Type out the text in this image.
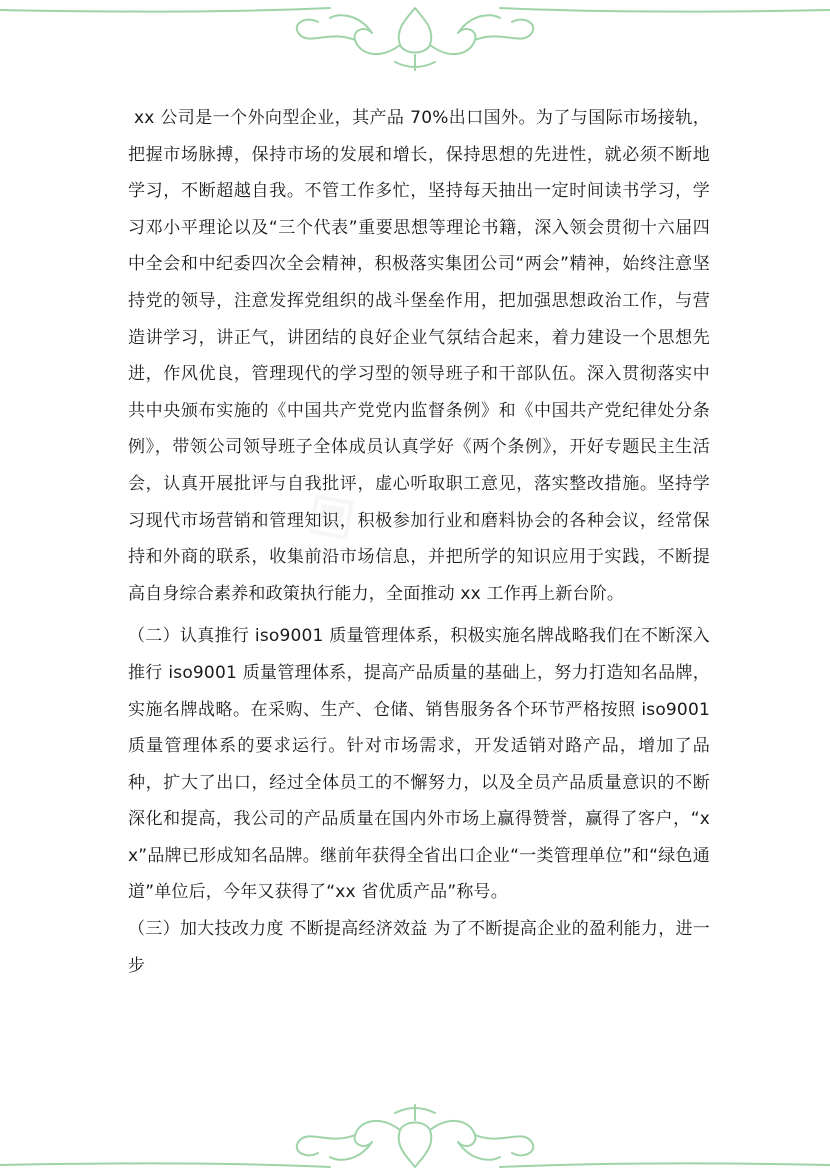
◈

xx 公司是一个外向型企业，其产品 70%出口国外。为了与国际市场接轨，把握市场脉搏，保持市场的发展和增长，保持思想的先进性，就必须不断地学习，不断超越自我。不管工作多忙，坚持每天抽出一定时间读书学习，学习邓小平理论以及“三个代表”重要思想等理论书籍，深入领会贯彻十六届四中全会和中纪委四次全会精神，积极落实集团公司“两会”精神，始终注意坚持党的领导，注意发挥党组织的战斗堡垒作用，把加强思想政治工作，与营造讲学习，讲正气，讲团结的良好企业气氛结合起来，着力建设一个思想先进，作风优良，管理现代的学习型的领导班子和干部队伍。深入贯彻落实中共中央颁布实施的《中国共产党党内监督条例》和《中国共产党纪律处分条例》，带领公司领导班子全体成员认真学好《两个条例》，开好专题民主生活会，认真开展批评与自我批评，虚心听取职工意见，落实整改措施。坚持学习现代市场营销和管理知识，积极参加行业和磨料协会的各种会议，经常保持和外商的联系，收集前沿市场信息，并把所学的知识应用于实践，不断提高自身综合素养和政策执行能力，全面推动 xx 工作再上新台阶。

（二）认真推行 iso9001 质量管理体系，积极实施名牌战略我们在不断深入推行 iso9001 质量管理体系，提高产品质量的基础上，努力打造知名品牌，实施名牌战略。在采购、生产、仓储、销售服务各个环节严格按照 iso9001 质量管理体系的要求运行。针对市场需求，开发适销对路产品，增加了品种，扩大了出口，经过全体员工的不懈努力，以及全员产品质量意识的不断深化和提高，我公司的产品质量在国内外市场上赢得赞誉，赢得了客户，“xx”品牌已形成知名品牌。继前年获得全省出口企业“一类管理单位”和“绿色通道”单位后，今年又获得了“xx 省优质产品”称号。

（三）加大技改力度 不断提高经济效益 为了不断提高企业的盈利能力，进一步
